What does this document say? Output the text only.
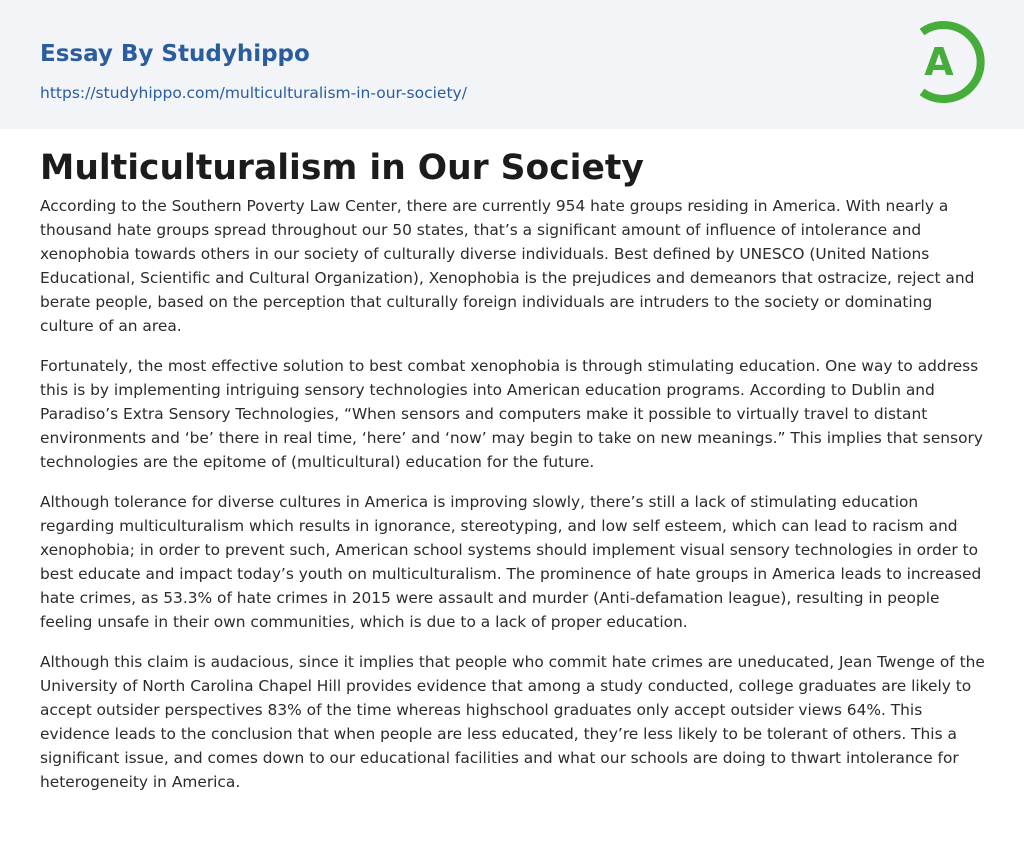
Essay By Studyhippo
https://studyhippo.com/multiculturalism-in-our-society/
A
Multiculturalism in Our Society

According to the Southern Poverty Law Center, there are currently 954 hate groups residing in America. With nearly a thousand hate groups spread throughout our 50 states, that’s a significant amount of influence of intolerance and xenophobia towards others in our society of culturally diverse individuals. Best defined by UNESCO (United Nations Educational, Scientific and Cultural Organization), Xenophobia is the prejudices and demeanors that ostracize, reject and berate people, based on the perception that culturally foreign individuals are intruders to the society or dominating culture of an area.

Fortunately, the most effective solution to best combat xenophobia is through stimulating education. One way to address this is by implementing intriguing sensory technologies into American education programs. According to Dublin and Paradiso’s Extra Sensory Technologies, “When sensors and computers make it possible to virtually travel to distant environments and ‘be’ there in real time, ‘here’ and ‘now’ may begin to take on new meanings.” This implies that sensory technologies are the epitome of (multicultural) education for the future.

Although tolerance for diverse cultures in America is improving slowly, there’s still a lack of stimulating education regarding multiculturalism which results in ignorance, stereotyping, and low self esteem, which can lead to racism and xenophobia; in order to prevent such, American school systems should implement visual sensory technologies in order to best educate and impact today’s youth on multiculturalism. The prominence of hate groups in America leads to increased hate crimes, as 53.3% of hate crimes in 2015 were assault and murder (Anti-defamation league), resulting in people feeling unsafe in their own communities, which is due to a lack of proper education.

Although this claim is audacious, since it implies that people who commit hate crimes are uneducated, Jean Twenge of the University of North Carolina Chapel Hill provides evidence that among a study conducted, college graduates are likely to accept outsider perspectives 83% of the time whereas highschool graduates only accept outsider views 64%. This evidence leads to the conclusion that when people are less educated, they’re less likely to be tolerant of others. This a significant issue, and comes down to our educational facilities and what our schools are doing to thwart intolerance for heterogeneity in America.
